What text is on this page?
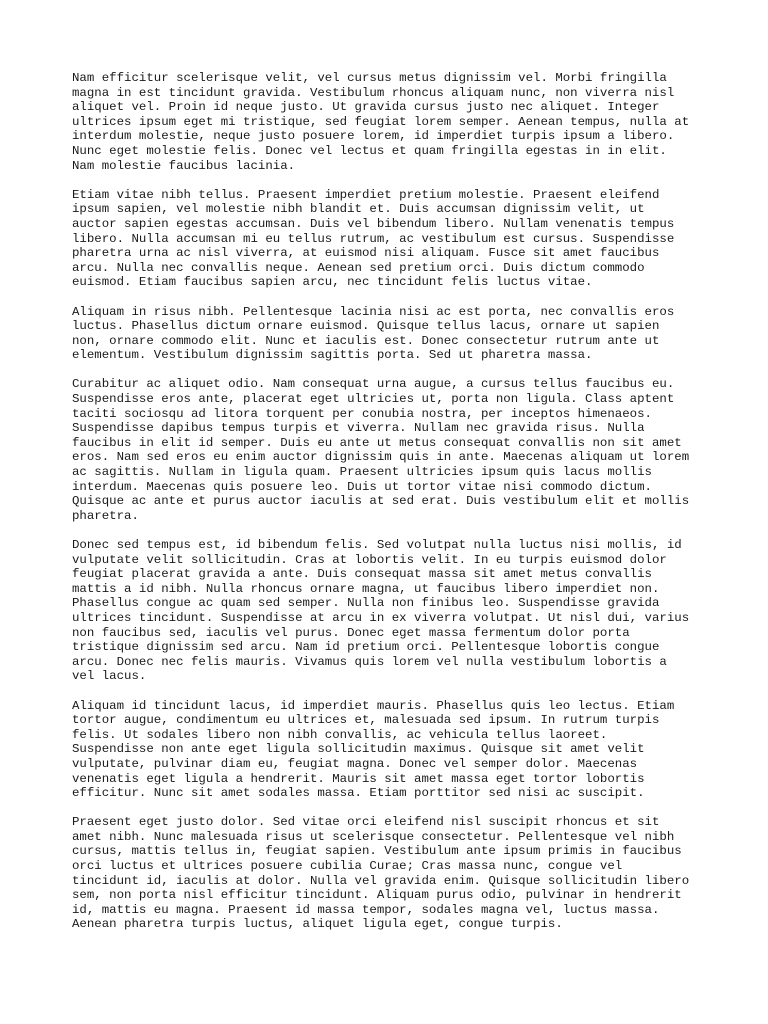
Nam efficitur scelerisque velit, vel cursus metus dignissim vel. Morbi fringilla
magna in est tincidunt gravida. Vestibulum rhoncus aliquam nunc, non viverra nisl
aliquet vel. Proin id neque justo. Ut gravida cursus justo nec aliquet. Integer
ultrices ipsum eget mi tristique, sed feugiat lorem semper. Aenean tempus, nulla at
interdum molestie, neque justo posuere lorem, id imperdiet turpis ipsum a libero.
Nunc eget molestie felis. Donec vel lectus et quam fringilla egestas in in elit.
Nam molestie faucibus lacinia.

Etiam vitae nibh tellus. Praesent imperdiet pretium molestie. Praesent eleifend
ipsum sapien, vel molestie nibh blandit et. Duis accumsan dignissim velit, ut
auctor sapien egestas accumsan. Duis vel bibendum libero. Nullam venenatis tempus
libero. Nulla accumsan mi eu tellus rutrum, ac vestibulum est cursus. Suspendisse
pharetra urna ac nisl viverra, at euismod nisi aliquam. Fusce sit amet faucibus
arcu. Nulla nec convallis neque. Aenean sed pretium orci. Duis dictum commodo
euismod. Etiam faucibus sapien arcu, nec tincidunt felis luctus vitae.

Aliquam in risus nibh. Pellentesque lacinia nisi ac est porta, nec convallis eros
luctus. Phasellus dictum ornare euismod. Quisque tellus lacus, ornare ut sapien
non, ornare commodo elit. Nunc et iaculis est. Donec consectetur rutrum ante ut
elementum. Vestibulum dignissim sagittis porta. Sed ut pharetra massa.

Curabitur ac aliquet odio. Nam consequat urna augue, a cursus tellus faucibus eu.
Suspendisse eros ante, placerat eget ultricies ut, porta non ligula. Class aptent
taciti sociosqu ad litora torquent per conubia nostra, per inceptos himenaeos.
Suspendisse dapibus tempus turpis et viverra. Nullam nec gravida risus. Nulla
faucibus in elit id semper. Duis eu ante ut metus consequat convallis non sit amet
eros. Nam sed eros eu enim auctor dignissim quis in ante. Maecenas aliquam ut lorem
ac sagittis. Nullam in ligula quam. Praesent ultricies ipsum quis lacus mollis
interdum. Maecenas quis posuere leo. Duis ut tortor vitae nisi commodo dictum.
Quisque ac ante et purus auctor iaculis at sed erat. Duis vestibulum elit et mollis
pharetra.

Donec sed tempus est, id bibendum felis. Sed volutpat nulla luctus nisi mollis, id
vulputate velit sollicitudin. Cras at lobortis velit. In eu turpis euismod dolor
feugiat placerat gravida a ante. Duis consequat massa sit amet metus convallis
mattis a id nibh. Nulla rhoncus ornare magna, ut faucibus libero imperdiet non.
Phasellus congue ac quam sed semper. Nulla non finibus leo. Suspendisse gravida
ultrices tincidunt. Suspendisse at arcu in ex viverra volutpat. Ut nisl dui, varius
non faucibus sed, iaculis vel purus. Donec eget massa fermentum dolor porta
tristique dignissim sed arcu. Nam id pretium orci. Pellentesque lobortis congue
arcu. Donec nec felis mauris. Vivamus quis lorem vel nulla vestibulum lobortis a
vel lacus.

Aliquam id tincidunt lacus, id imperdiet mauris. Phasellus quis leo lectus. Etiam
tortor augue, condimentum eu ultrices et, malesuada sed ipsum. In rutrum turpis
felis. Ut sodales libero non nibh convallis, ac vehicula tellus laoreet.
Suspendisse non ante eget ligula sollicitudin maximus. Quisque sit amet velit
vulputate, pulvinar diam eu, feugiat magna. Donec vel semper dolor. Maecenas
venenatis eget ligula a hendrerit. Mauris sit amet massa eget tortor lobortis
efficitur. Nunc sit amet sodales massa. Etiam porttitor sed nisi ac suscipit.

Praesent eget justo dolor. Sed vitae orci eleifend nisl suscipit rhoncus et sit
amet nibh. Nunc malesuada risus ut scelerisque consectetur. Pellentesque vel nibh
cursus, mattis tellus in, feugiat sapien. Vestibulum ante ipsum primis in faucibus
orci luctus et ultrices posuere cubilia Curae; Cras massa nunc, congue vel
tincidunt id, iaculis at dolor. Nulla vel gravida enim. Quisque sollicitudin libero
sem, non porta nisl efficitur tincidunt. Aliquam purus odio, pulvinar in hendrerit
id, mattis eu magna. Praesent id massa tempor, sodales magna vel, luctus massa.
Aenean pharetra turpis luctus, aliquet ligula eget, congue turpis.
